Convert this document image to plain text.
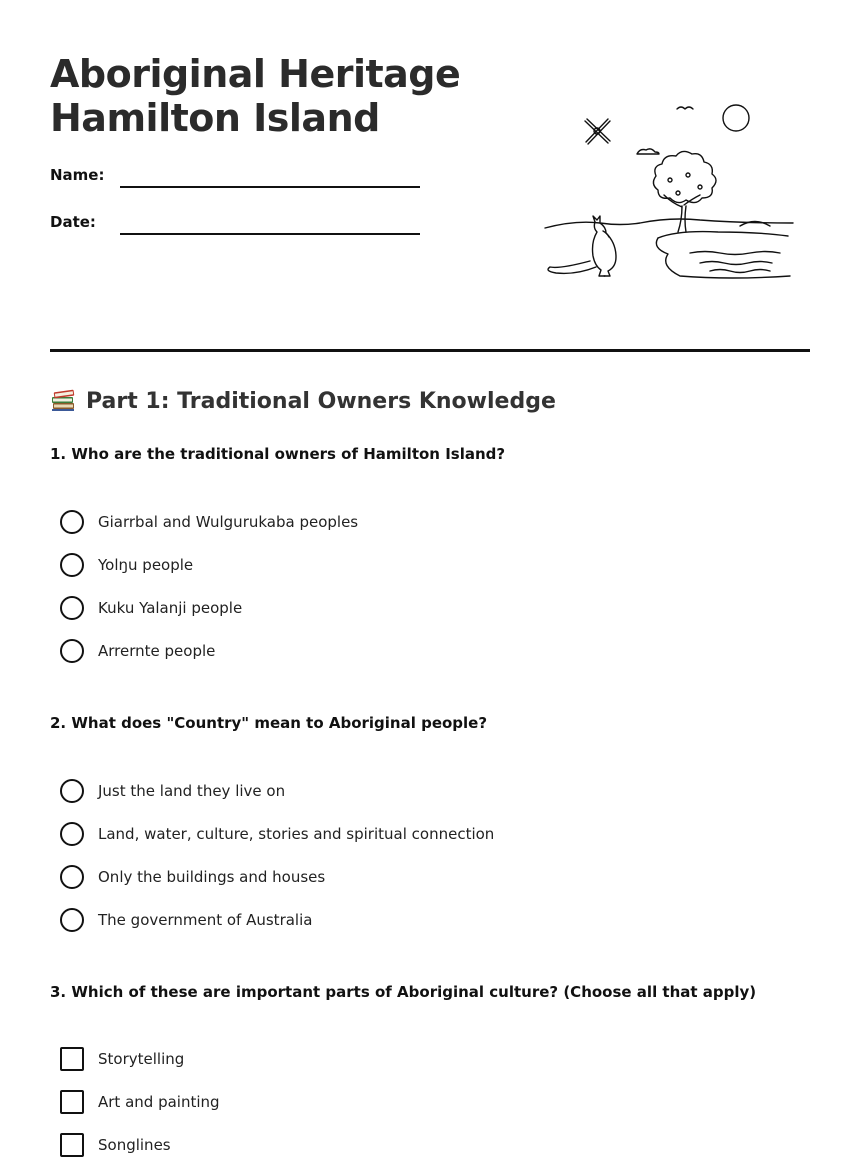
Aboriginal Heritage
Hamilton Island
Name:
Date:
Part 1: Traditional Owners Knowledge

1. Who are the traditional owners of Hamilton Island?

Giarrbal and Wulgurukaba peoples
Yolŋu people
Kuku Yalanji people
Arrernte people

2. What does "Country" mean to Aboriginal people?

Just the land they live on
Land, water, culture, stories and spiritual connection
Only the buildings and houses
The government of Australia

3. Which of these are important parts of Aboriginal culture? (Choose all that apply)

Storytelling
Art and painting
Songlines
